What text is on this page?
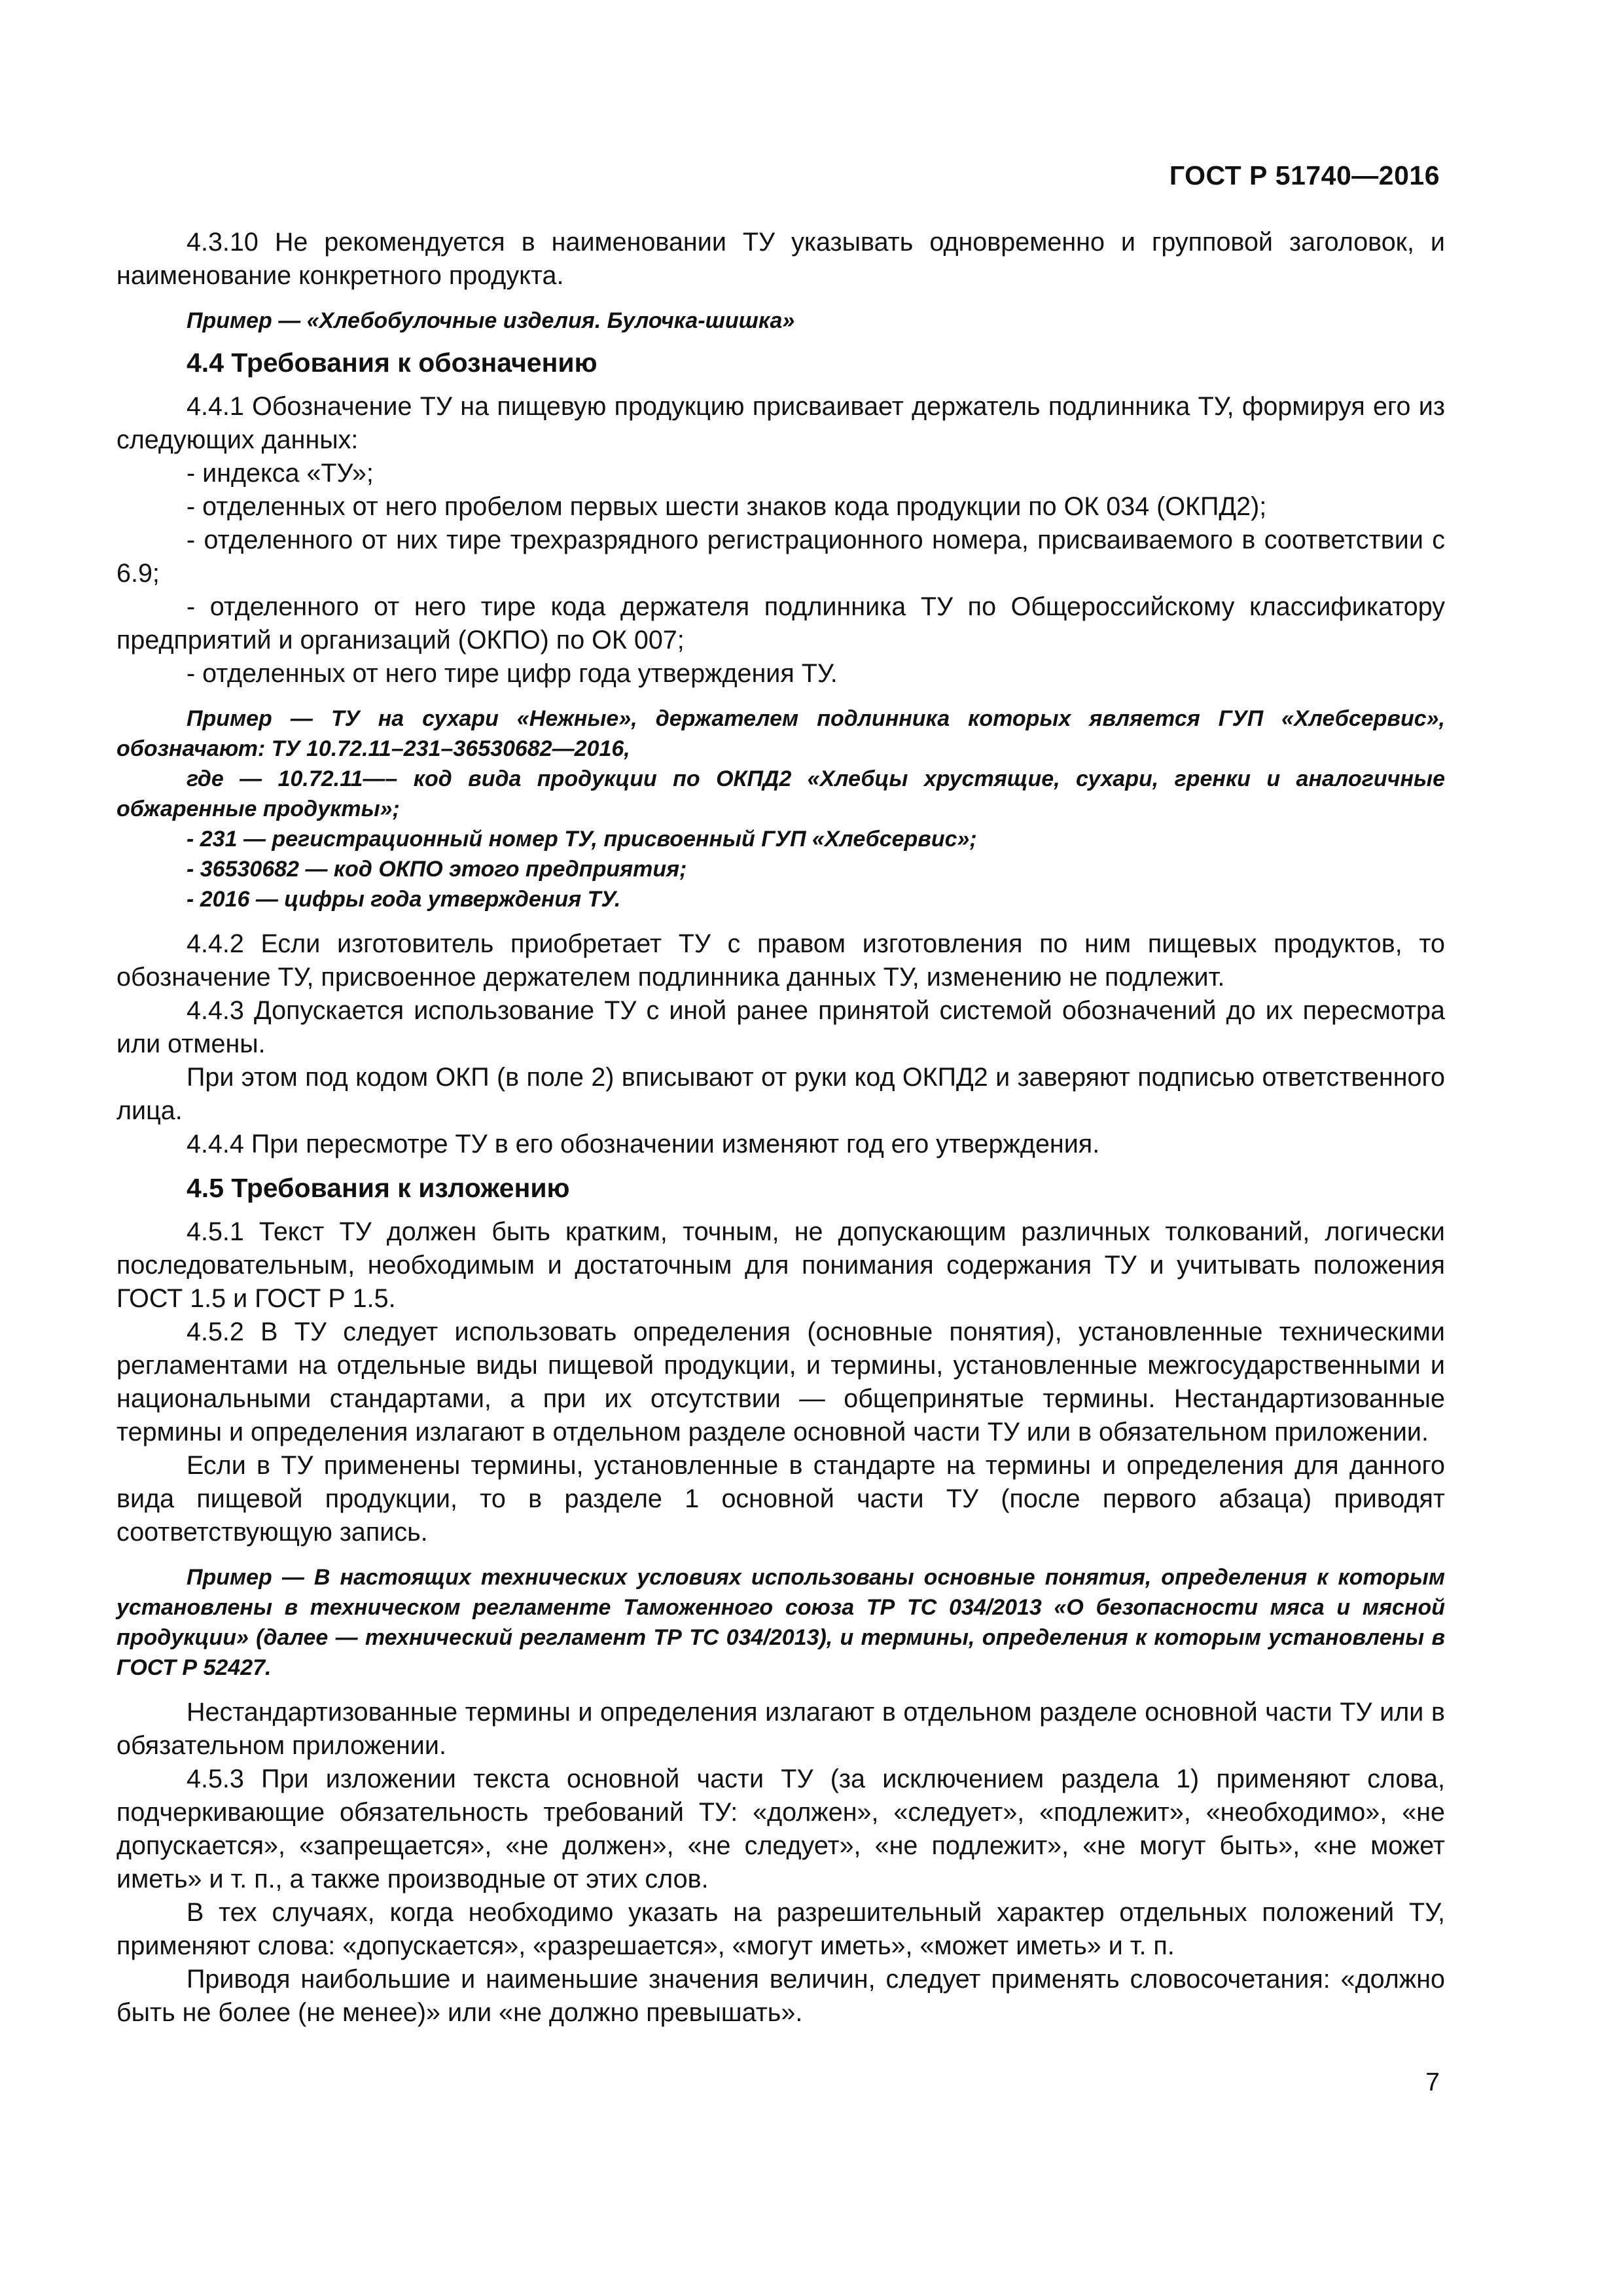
ГОСТ Р 51740—2016

4.3.10 Не рекомендуется в наименовании ТУ указывать одновременно и групповой заголовок, и наименование конкретного продукта.

Пример — «Хлебобулочные изделия. Булочка-шишка»

4.4 Требования к обозначению

4.4.1 Обозначение ТУ на пищевую продукцию присваивает держатель подлинника ТУ, формируя его из следующих данных:

- индекса «ТУ»;

- отделенных от него пробелом первых шести знаков кода продукции по ОК 034 (ОКПД2);

- отделенного от них тире трехразрядного регистрационного номера, присваиваемого в соответствии с 6.9;

- отделенного от него тире кода держателя подлинника ТУ по Общероссийскому классификатору предприятий и организаций (ОКПО) по ОК 007;

- отделенных от него тире цифр года утверждения ТУ.

Пример — ТУ на сухари «Нежные», держателем подлинника которых является ГУП «Хлебсервис», обозначают: ТУ 10.72.11–231–36530682—2016,

где — 10.72.11—– код вида продукции по ОКПД2 «Хлебцы хрустящие, сухари, гренки и аналогичные обжаренные продукты»;

- 231 — регистрационный номер ТУ, присвоенный ГУП «Хлебсервис»;

- 36530682 — код ОКПО этого предприятия;

- 2016 — цифры года утверждения ТУ.

4.4.2 Если изготовитель приобретает ТУ с правом изготовления по ним пищевых продуктов, то обозначение ТУ, присвоенное держателем подлинника данных ТУ, изменению не подлежит.

4.4.3 Допускается использование ТУ с иной ранее принятой системой обозначений до их пересмотра или отмены.

При этом под кодом ОКП (в поле 2) вписывают от руки код ОКПД2 и заверяют подписью ответственного лица.

4.4.4 При пересмотре ТУ в его обозначении изменяют год его утверждения.

4.5 Требования к изложению

4.5.1 Текст ТУ должен быть кратким, точным, не допускающим различных толкований, логически последовательным, необходимым и достаточным для понимания содержания ТУ и учитывать положения ГОСТ 1.5 и ГОСТ Р 1.5.

4.5.2 В ТУ следует использовать определения (основные понятия), установленные техническими регламентами на отдельные виды пищевой продукции, и термины, установленные межгосударственными и национальными стандартами, а при их отсутствии — общепринятые термины. Нестандартизованные термины и определения излагают в отдельном разделе основной части ТУ или в обязательном приложении.

Если в ТУ применены термины, установленные в стандарте на термины и определения для данного вида пищевой продукции, то в разделе 1 основной части ТУ (после первого абзаца) приводят соответствующую запись.

Пример — В настоящих технических условиях использованы основные понятия, определения к которым установлены в техническом регламенте Таможенного союза ТР ТС 034/2013 «О безопасности мяса и мясной продукции» (далее — технический регламент ТР ТС 034/2013), и термины, определения к которым установлены в ГОСТ Р 52427.

Нестандартизованные термины и определения излагают в отдельном разделе основной части ТУ или в обязательном приложении.

4.5.3 При изложении текста основной части ТУ (за исключением раздела 1) применяют слова, подчеркивающие обязательность требований ТУ: «должен», «следует», «подлежит», «необходимо», «не допускается», «запрещается», «не должен», «не следует», «не подлежит», «не могут быть», «не может иметь» и т. п., а также производные от этих слов.

В тех случаях, когда необходимо указать на разрешительный характер отдельных положений ТУ, применяют слова: «допускается», «разрешается», «могут иметь», «может иметь» и т. п.

Приводя наибольшие и наименьшие значения величин, следует применять словосочетания: «должно быть не более (не менее)» или «не должно превышать».

7
